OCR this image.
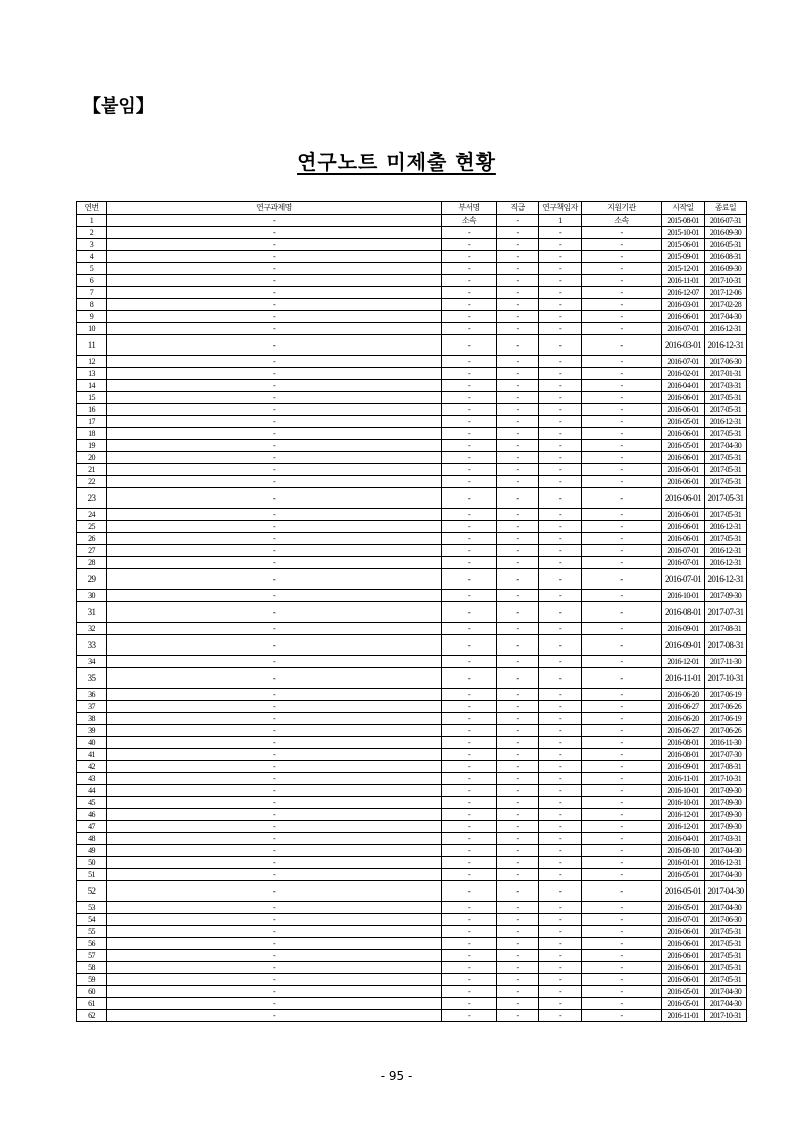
【붙임】
연구노트 미제출 현황
연번	연구과제명	부서명	직급	연구책임자	지원기관	시작일	종료일
1	-	소속	-	1	소속	2015-08-01	2016-07-31
2	-	-	-	-	-	2015-10-01	2016-09-30
3	-	-	-	-	-	2015-06-01	2016-05-31
4	-	-	-	-	-	2015-09-01	2016-08-31
5	-	-	-	-	-	2015-12-01	2016-09-30
6	-	-	-	-	-	2016-11-01	2017-10-31
7	-	-	-	-	-	2016-12-07	2017-12-06
8	-	-	-	-	-	2016-03-01	2017-02-28
9	-	-	-	-	-	2016-06-01	2017-04-30
10	-	-	-	-	-	2016-07-01	2016-12-31
11	-	-	-	-	-	2016-03-01	2016-12-31
12	-	-	-	-	-	2016-07-01	2017-06-30
13	-	-	-	-	-	2016-02-01	2017-01-31
14	-	-	-	-	-	2016-04-01	2017-03-31
15	-	-	-	-	-	2016-06-01	2017-05-31
16	-	-	-	-	-	2016-06-01	2017-05-31
17	-	-	-	-	-	2016-05-01	2016-12-31
18	-	-	-	-	-	2016-06-01	2017-05-31
19	-	-	-	-	-	2016-05-01	2017-04-30
20	-	-	-	-	-	2016-06-01	2017-05-31
21	-	-	-	-	-	2016-06-01	2017-05-31
22	-	-	-	-	-	2016-06-01	2017-05-31
23	-	-	-	-	-	2016-06-01	2017-05-31
24	-	-	-	-	-	2016-06-01	2017-05-31
25	-	-	-	-	-	2016-06-01	2016-12-31
26	-	-	-	-	-	2016-06-01	2017-05-31
27	-	-	-	-	-	2016-07-01	2016-12-31
28	-	-	-	-	-	2016-07-01	2016-12-31
29	-	-	-	-	-	2016-07-01	2016-12-31
30	-	-	-	-	-	2016-10-01	2017-09-30
31	-	-	-	-	-	2016-08-01	2017-07-31
32	-	-	-	-	-	2016-09-01	2017-08-31
33	-	-	-	-	-	2016-09-01	2017-08-31
34	-	-	-	-	-	2016-12-01	2017-11-30
35	-	-	-	-	-	2016-11-01	2017-10-31
36	-	-	-	-	-	2016-06-20	2017-06-19
37	-	-	-	-	-	2016-06-27	2017-06-26
38	-	-	-	-	-	2016-06-20	2017-06-19
39	-	-	-	-	-	2016-06-27	2017-06-26
40	-	-	-	-	-	2016-08-01	2016-11-30
41	-	-	-	-	-	2016-08-01	2017-07-30
42	-	-	-	-	-	2016-09-01	2017-08-31
43	-	-	-	-	-	2016-11-01	2017-10-31
44	-	-	-	-	-	2016-10-01	2017-09-30
45	-	-	-	-	-	2016-10-01	2017-09-30
46	-	-	-	-	-	2016-12-01	2017-09-30
47	-	-	-	-	-	2016-12-01	2017-09-30
48	-	-	-	-	-	2016-04-01	2017-03-31
49	-	-	-	-	-	2016-08-10	2017-04-30
50	-	-	-	-	-	2016-01-01	2016-12-31
51	-	-	-	-	-	2016-05-01	2017-04-30
52	-	-	-	-	-	2016-05-01	2017-04-30
53	-	-	-	-	-	2016-05-01	2017-04-30
54	-	-	-	-	-	2016-07-01	2017-06-30
55	-	-	-	-	-	2016-06-01	2017-05-31
56	-	-	-	-	-	2016-06-01	2017-05-31
57	-	-	-	-	-	2016-06-01	2017-05-31
58	-	-	-	-	-	2016-06-01	2017-05-31
59	-	-	-	-	-	2016-06-01	2017-05-31
60	-	-	-	-	-	2016-05-01	2017-04-30
61	-	-	-	-	-	2016-05-01	2017-04-30
62	-	-	-	-	-	2016-11-01	2017-10-31
- 95 -
